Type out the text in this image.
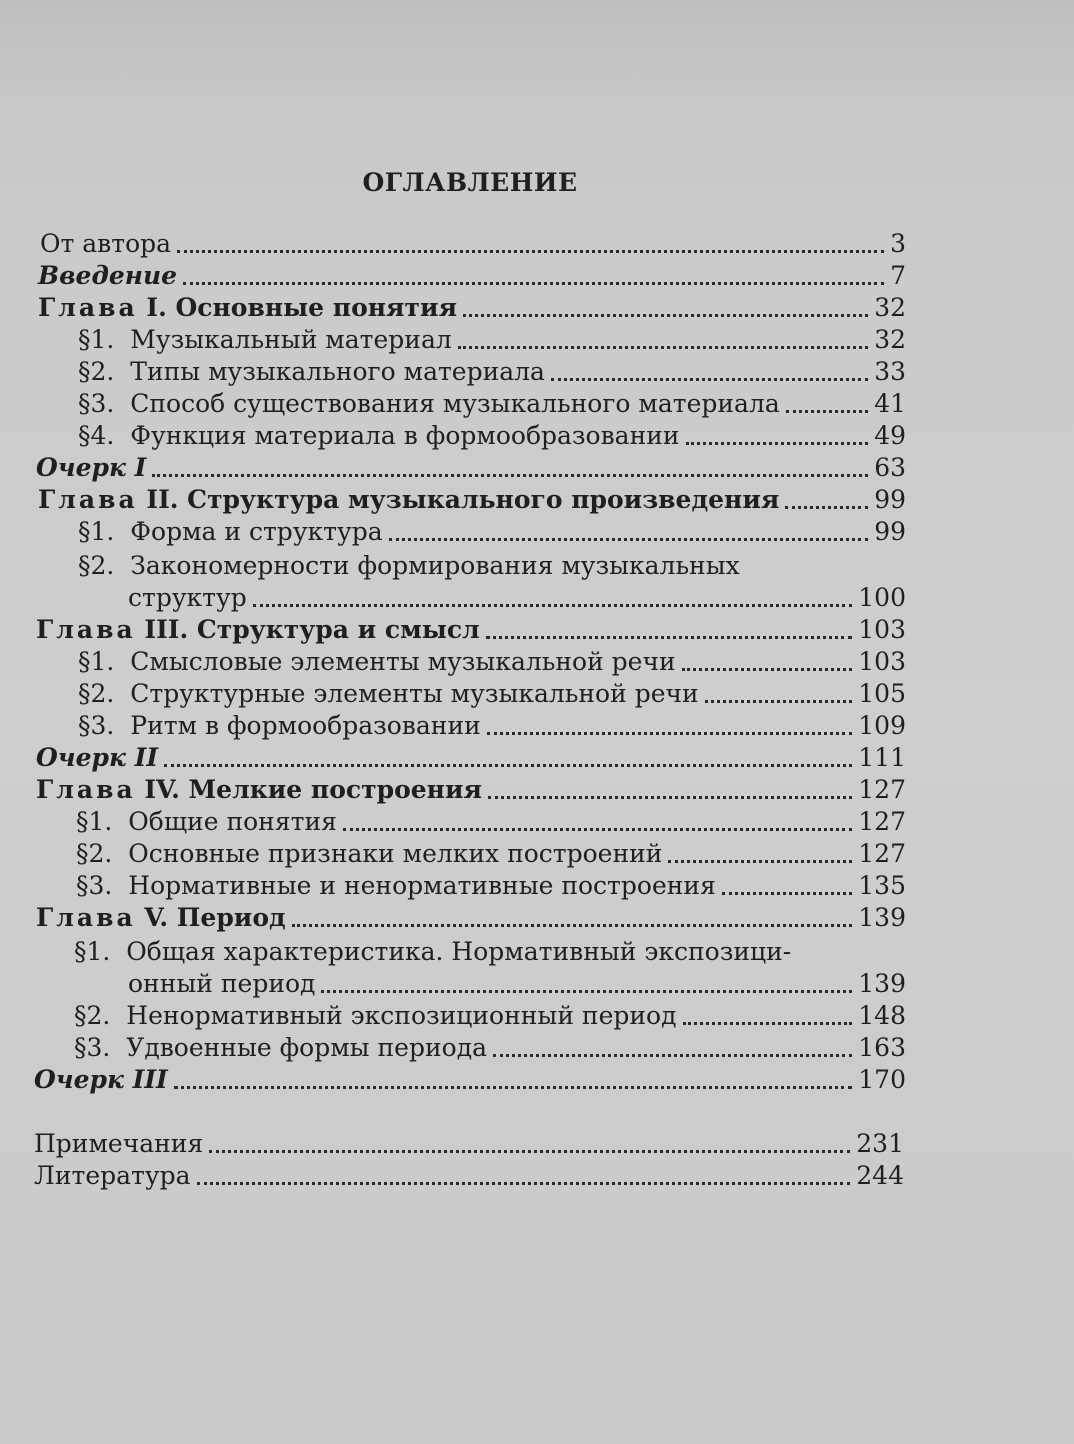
ОГЛАВЛЕНИЕ
От автора	3
Введение	7
Глава I. Основные понятия	32
§1. Музыкальный материал	32
§2. Типы музыкального материала	33
§3. Способ существования музыкального материала	41
§4. Функция материала в формообразовании	49
Очерк I	63
Глава II. Структура музыкального произведения	99
§1. Форма и структура	99
§2. Закономерности формирования музыкальных
структур	100
Глава III. Структура и смысл	103
§1. Смысловые элементы музыкальной речи	103
§2. Структурные элементы музыкальной речи	105
§3. Ритм в формообразовании	109
Очерк II	111
Глава IV. Мелкие построения	127
§1. Общие понятия	127
§2. Основные признаки мелких построений	127
§3. Нормативные и ненормативные построения	135
Глава V. Период	139
§1. Общая характеристика. Нормативный экспозици-
онный период	139
§2. Ненормативный экспозиционный период	148
§3. Удвоенные формы периода	163
Очерк III	170
Примечания	231
Литература	244
